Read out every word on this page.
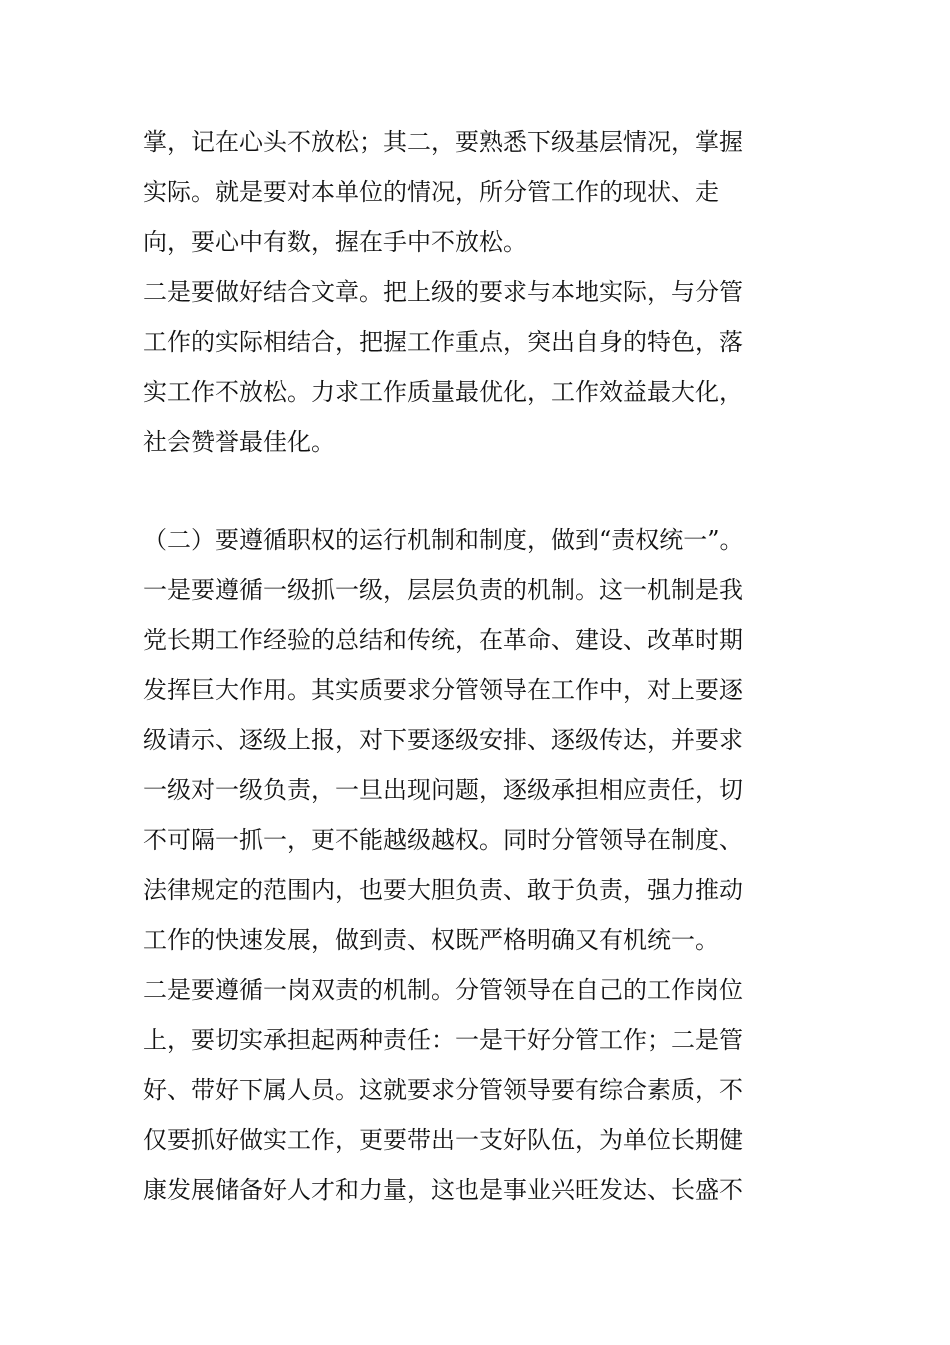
掌，记在心头不放松；其二，要熟悉下级基层情况，掌握
实际。就是要对本单位的情况，所分管工作的现状、走
向，要心中有数，握在手中不放松。
二是要做好结合文章。把上级的要求与本地实际，与分管
工作的实际相结合，把握工作重点，突出自身的特色，落
实工作不放松。力求工作质量最优化，工作效益最大化，
社会赞誉最佳化。
（二）要遵循职权的运行机制和制度，做到“责权统一”。
一是要遵循一级抓一级，层层负责的机制。这一机制是我
党长期工作经验的总结和传统，在革命、建设、改革时期
发挥巨大作用。其实质要求分管领导在工作中，对上要逐
级请示、逐级上报，对下要逐级安排、逐级传达，并要求
一级对一级负责，一旦出现问题，逐级承担相应责任，切
不可隔一抓一，更不能越级越权。同时分管领导在制度、
法律规定的范围内，也要大胆负责、敢于负责，强力推动
工作的快速发展，做到责、权既严格明确又有机统一。
二是要遵循一岗双责的机制。分管领导在自己的工作岗位
上，要切实承担起两种责任：一是干好分管工作；二是管
好、带好下属人员。这就要求分管领导要有综合素质，不
仅要抓好做实工作，更要带出一支好队伍，为单位长期健
康发展储备好人才和力量，这也是事业兴旺发达、长盛不
